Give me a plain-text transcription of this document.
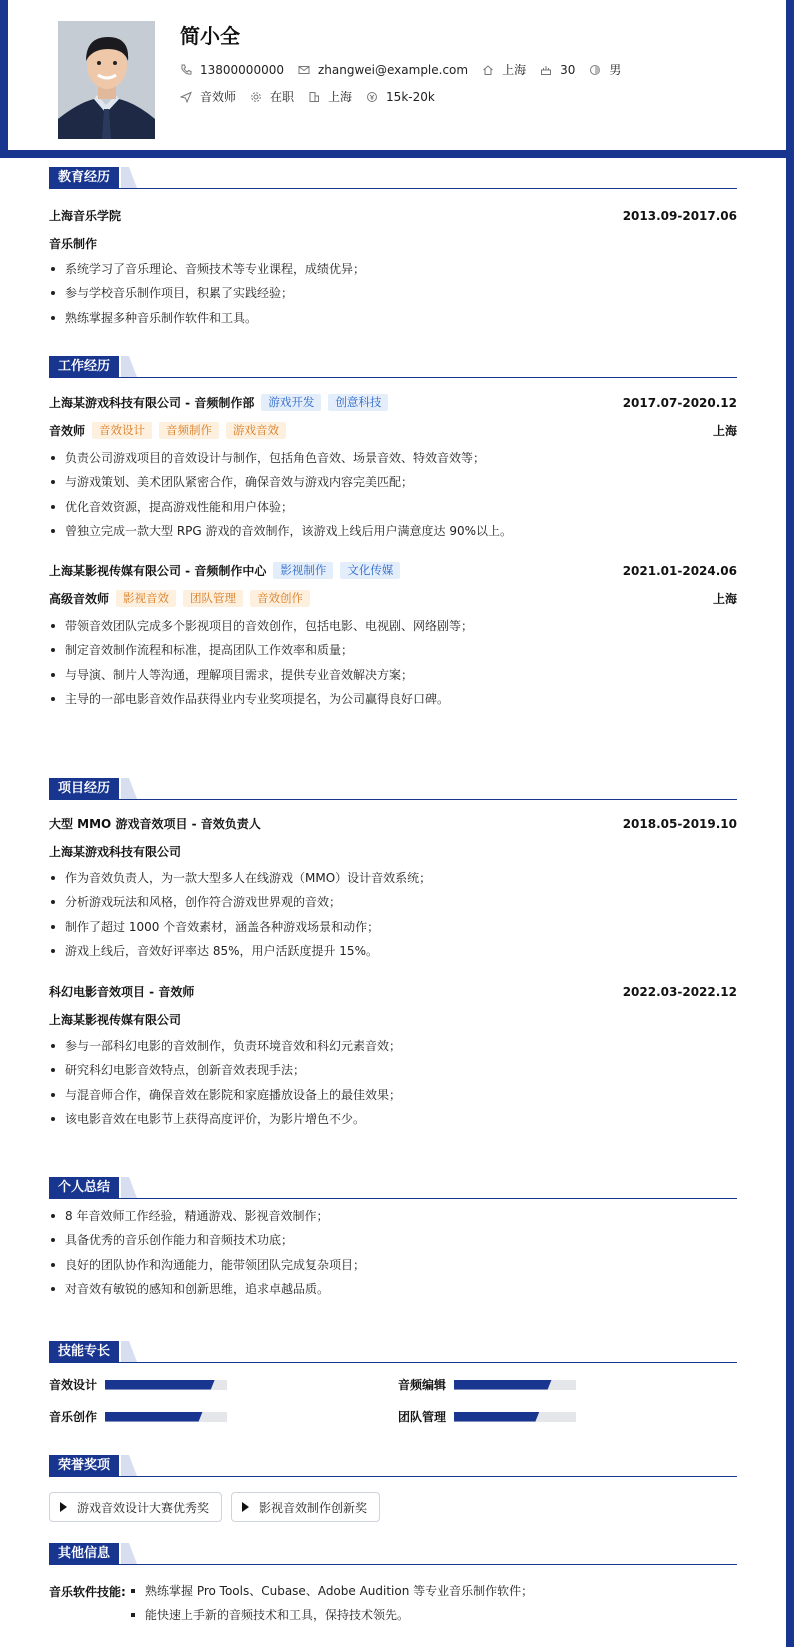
简小全
13800000000	zhangwei@example.com	上海	30	男
音效师	在职	上海	15k-20k
教育经历
上海音乐学院	2013.09-2017.06
音乐制作
系统学习了音乐理论、音频技术等专业课程，成绩优异；
参与学校音乐制作项目，积累了实践经验；
熟练掌握多种音乐制作软件和工具。
工作经历
上海某游戏科技有限公司 - 音频制作部	游戏开发	创意科技	2017.07-2020.12
音效师	音效设计	音频制作	游戏音效	上海
负责公司游戏项目的音效设计与制作，包括角色音效、场景音效、特效音效等；
与游戏策划、美术团队紧密合作，确保音效与游戏内容完美匹配；
优化音效资源，提高游戏性能和用户体验；
曾独立完成一款大型 RPG 游戏的音效制作，该游戏上线后用户满意度达 90%以上。
上海某影视传媒有限公司 - 音频制作中心	影视制作	文化传媒	2021.01-2024.06
高级音效师	影视音效	团队管理	音效创作	上海
带领音效团队完成多个影视项目的音效创作，包括电影、电视剧、网络剧等；
制定音效制作流程和标准，提高团队工作效率和质量；
与导演、制片人等沟通，理解项目需求，提供专业音效解决方案；
主导的一部电影音效作品获得业内专业奖项提名，为公司赢得良好口碑。
项目经历
大型 MMO 游戏音效项目 - 音效负责人	2018.05-2019.10
上海某游戏科技有限公司
作为音效负责人，为一款大型多人在线游戏（MMO）设计音效系统；
分析游戏玩法和风格，创作符合游戏世界观的音效；
制作了超过 1000 个音效素材，涵盖各种游戏场景和动作；
游戏上线后，音效好评率达 85%，用户活跃度提升 15%。
科幻电影音效项目 - 音效师	2022.03-2022.12
上海某影视传媒有限公司
参与一部科幻电影的音效制作，负责环境音效和科幻元素音效；
研究科幻电影音效特点，创新音效表现手法；
与混音师合作，确保音效在影院和家庭播放设备上的最佳效果；
该电影音效在电影节上获得高度评价，为影片增色不少。
个人总结
8 年音效师工作经验，精通游戏、影视音效制作；
具备优秀的音乐创作能力和音频技术功底；
良好的团队协作和沟通能力，能带领团队完成复杂项目；
对音效有敏锐的感知和创新思维，追求卓越品质。
技能专长
音效设计	音频编辑
音乐创作	团队管理
荣誉奖项
游戏音效设计大赛优秀奖	影视音效制作创新奖
其他信息
音乐软件技能:	熟练掌握 Pro Tools、Cubase、Adobe Audition 等专业音乐制作软件；
能快速上手新的音频技术和工具，保持技术领先。
